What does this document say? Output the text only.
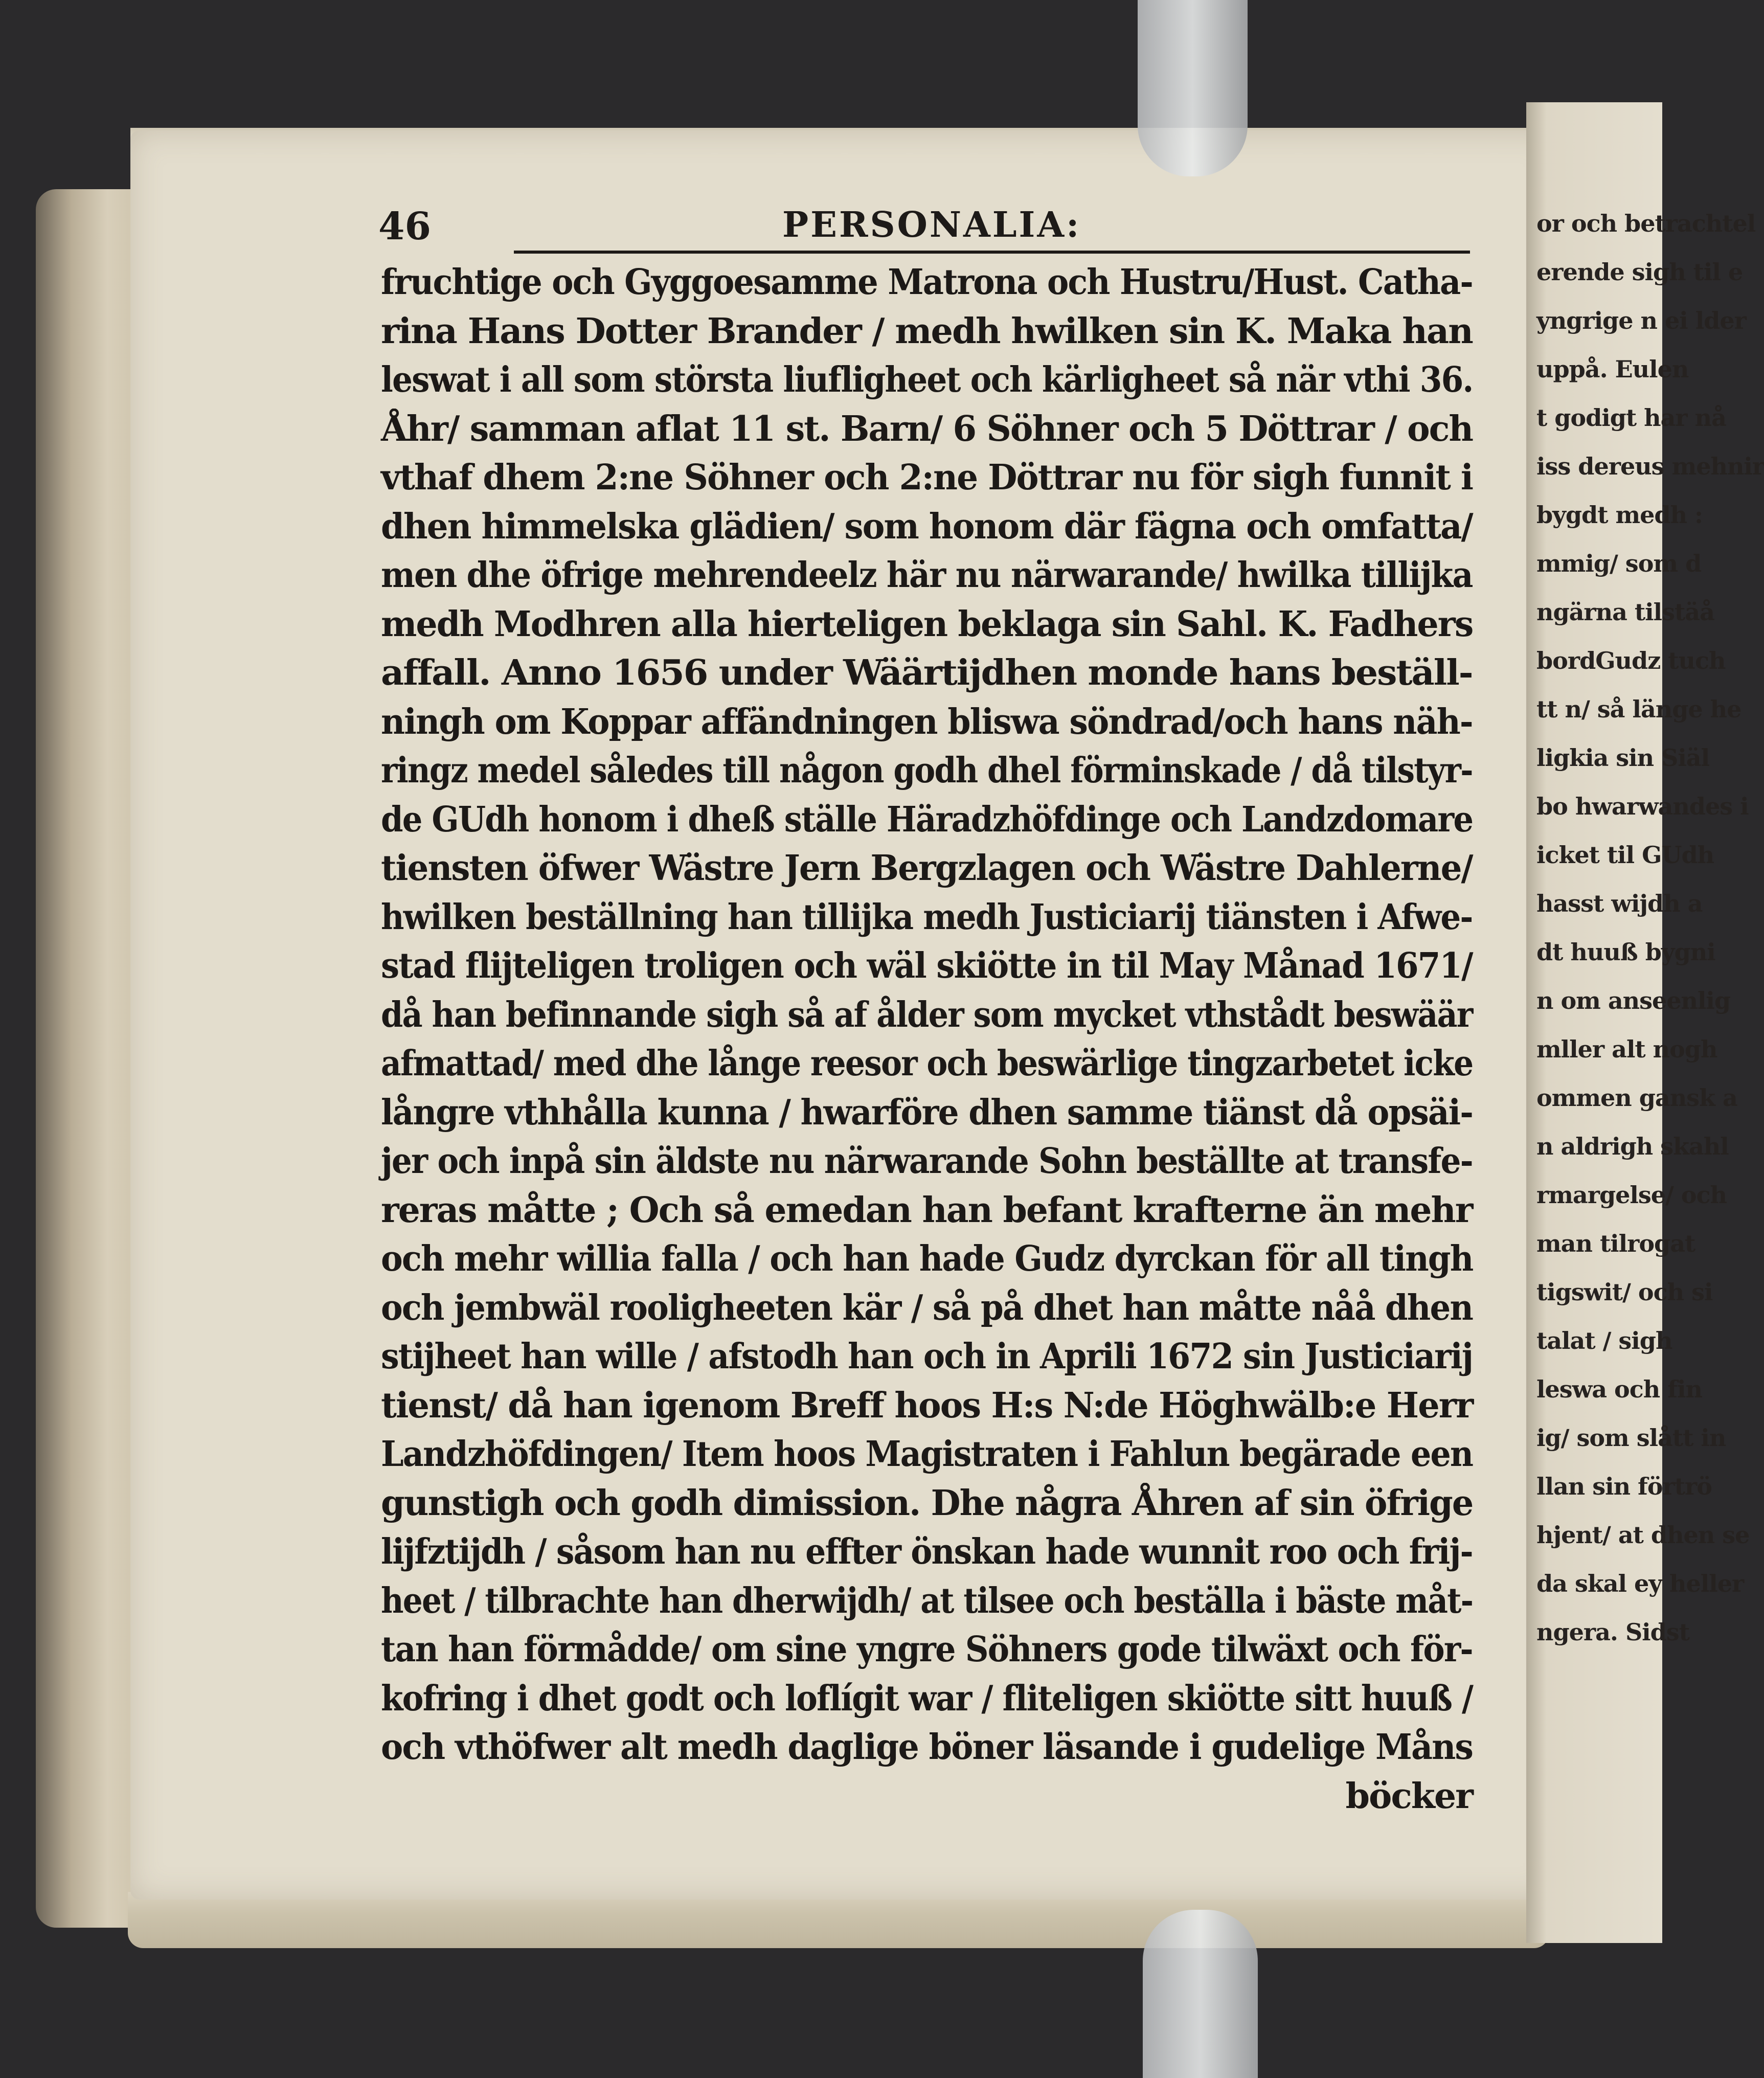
or och betrachtel
erende sigh til e
yngrige n ei lder
uppå. Eulen
t godigt har nå
iss dereus mehnir
bygdt medh :
mmig/ som d
ngärna tilstäå
bordGudz tuch
tt n/ så länge he
ligkia sin Siäl
bo hwarwandes i
icket til GUdh
hasst wijdh a
dt huuß bygni
n om anseenlig
mller alt nogh
ommen gansk a
n aldrigh skahl
rmargelse/ och
man tilrogat
tigswit/ och si
talat / sigh
leswa och fin
ig/ som slått in
llan sin förtrö
hjent/ at dhen se
da skal ey heller
ngera. Sidst
46	PERSONALIA:
fruchtige och Gyggoesamme Matrona och Hustru/Hust. Catha-
rina Hans Dotter Brander / medh hwilken sin K. Maka han
leswat i all som största liufligheet och kärligheet så när vthi 36.
Åhr/ samman aflat 11 st. Barn/ 6 Söhner och 5 Döttrar / och
vthaf dhem 2:ne Söhner och 2:ne Döttrar nu för sigh funnit i
dhen himmelska glädien/ som honom där fägna och omfatta/
men dhe öfrige mehrendeelz här nu närwarande/ hwilka tillijka
medh Modhren alla hierteligen beklaga sin Sahl. K. Fadhers
affall. Anno 1656 under Wäärtijdhen monde hans beställ-
ningh om Koppar affändningen bliswa söndrad/och hans näh-
ringz medel således till någon godh dhel förminskade / då tilstyr-
de GUdh honom i dheß ställe Häradzhöfdinge och Landzdomare
tiensten öfwer Wästre Jern Bergzlagen och Wästre Dahlerne/
hwilken beställning han tillijka medh Justiciarij tiänsten i Afwe-
stad flijteligen troligen och wäl skiötte in til May Månad 1671/
då han befinnande sigh så af ålder som mycket vthstådt beswäär
afmattad/ med dhe långe reesor och beswärlige tingzarbetet icke
långre vthhålla kunna / hwarföre dhen samme tiänst då opsäi-
jer och inpå sin äldste nu närwarande Sohn beställte at transfe-
reras måtte ; Och så emedan han befant krafterne än mehr
och mehr willia falla / och han hade Gudz dyrckan för all tingh
och jembwäl rooligheeten kär / så på dhet han måtte nåå dhen
stijheet han wille / afstodh han och in Aprili 1672 sin Justiciarij
tienst/ då han igenom Breff hoos H:s N:de Höghwälb:e Herr
Landzhöfdingen/ Item hoos Magistraten i Fahlun begärade een
gunstigh och godh dimission. Dhe några Åhren af sin öfrige
lijfztijdh / såsom han nu effter önskan hade wunnit roo och frij-
heet / tilbrachte han dherwijdh/ at tilsee och beställa i bäste måt-
tan han förmådde/ om sine yngre Söhners gode tilwäxt och för-
kofring i dhet godt och loflígit war / fliteligen skiötte sitt huuß /
och vthöfwer alt medh daglige böner läsande i gudelige Måns
böcker
